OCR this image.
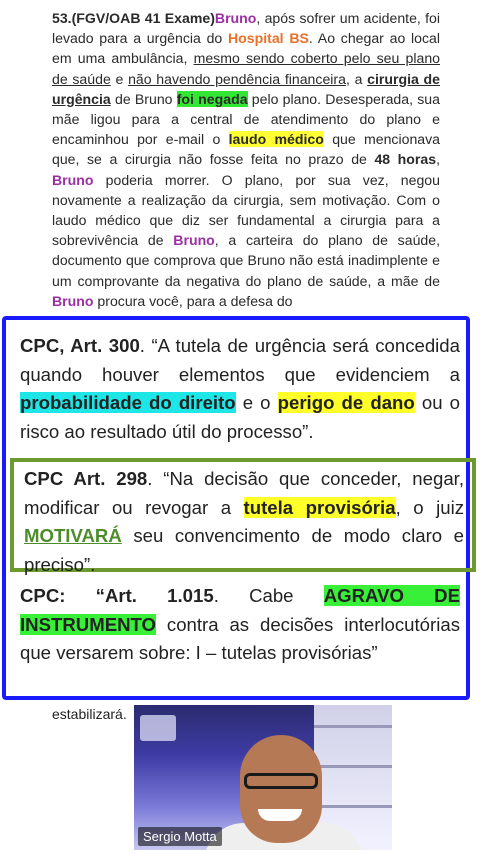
53.(FGV/OAB 41 Exame)Bruno, após sofrer um acidente, foi levado para a urgência do Hospital BS. Ao chegar ao local em uma ambulância, mesmo sendo coberto pelo seu plano de saúde e não havendo pendência financeira, a cirurgia de urgência de Bruno foi negada pelo plano. Desesperada, sua mãe ligou para a central de atendimento do plano e encaminhou por e-mail o laudo médico que mencionava que, se a cirurgia não fosse feita no prazo de 48 horas, Bruno poderia morrer. O plano, por sua vez, negou novamente a realização da cirurgia, sem motivação. Com o laudo médico que diz ser fundamental a cirurgia para a sobrevivência de Bruno, a carteira do plano de saúde, documento que comprova que Bruno não está inadimplente e um comprovante da negativa do plano de saúde, a mãe de Bruno procura você, para a defesa do
CPC, Art. 300. “A tutela de urgência será concedida quando houver elementos que evidenciem a probabilidade do direito e o perigo de dano ou o risco ao resultado útil do processo”.
CPC Art. 298. “Na decisão que conceder, negar, modificar ou revogar a tutela provisória, o juiz MOTIVARÁ seu convencimento de modo claro e preciso”.
CPC: “Art. 1.015. Cabe AGRAVO DE INSTRUMENTO contra as decisões interlocutórias que versarem sobre: I – tutelas provisórias”
estabilizará.
Sergio Motta
